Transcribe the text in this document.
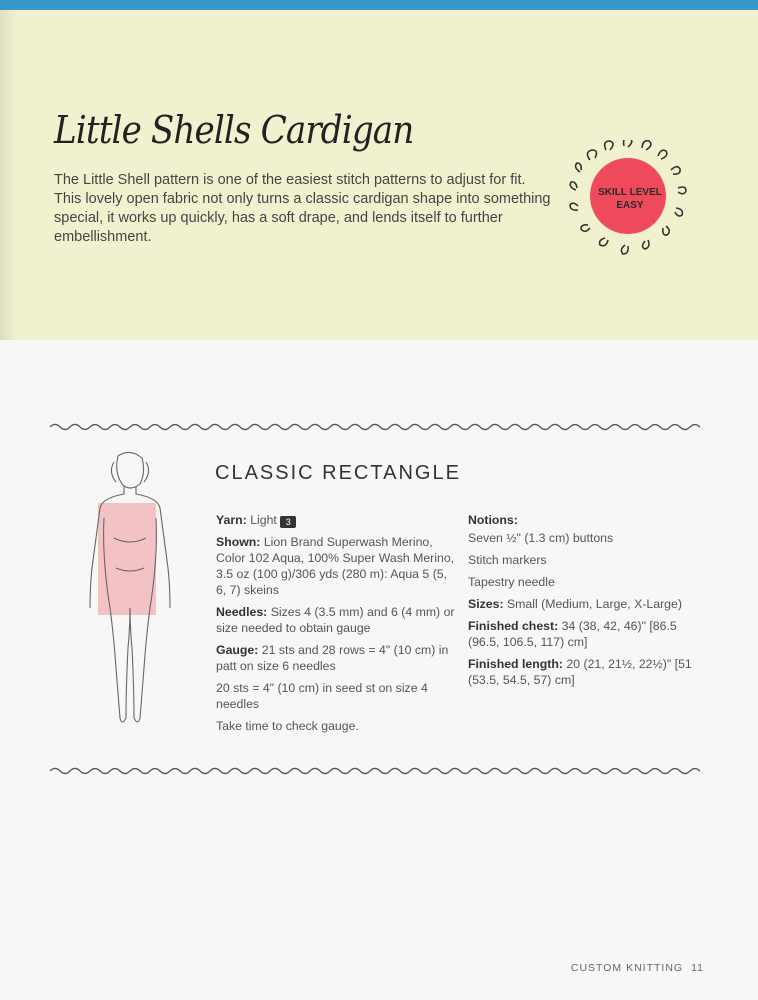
Little Shells Cardigan
The Little Shell pattern is one of the easiest stitch patterns to adjust for fit. This lovely open fabric not only turns a classic cardigan shape into something special, it works up quickly, has a soft drape, and lends itself to further embellishment.
SKILL LEVEL
EASY
CLASSIC RECTANGLE

Yarn: Light 3

Shown: Lion Brand Superwash Merino, Color 102 Aqua, 100% Super Wash Merino, 3.5 oz (100 g)/306 yds (280 m): Aqua 5 (5, 6, 7) skeins

Needles: Sizes 4 (3.5 mm) and 6 (4 mm) or size needed to obtain gauge

Gauge: 21 sts and 28 rows = 4" (10 cm) in patt on size 6 needles

20 sts = 4" (10 cm) in seed st on size 4 needles

Take time to check gauge.

Notions:

Seven ½" (1.3 cm) buttons

Stitch markers

Tapestry needle

Sizes: Small (Medium, Large, X-Large)

Finished chest: 34 (38, 42, 46)" [86.5 (96.5, 106.5, 117) cm]

Finished length: 20 (21, 21½, 22½)" [51 (53.5, 54.5, 57) cm]

CUSTOM KNITTING 11
